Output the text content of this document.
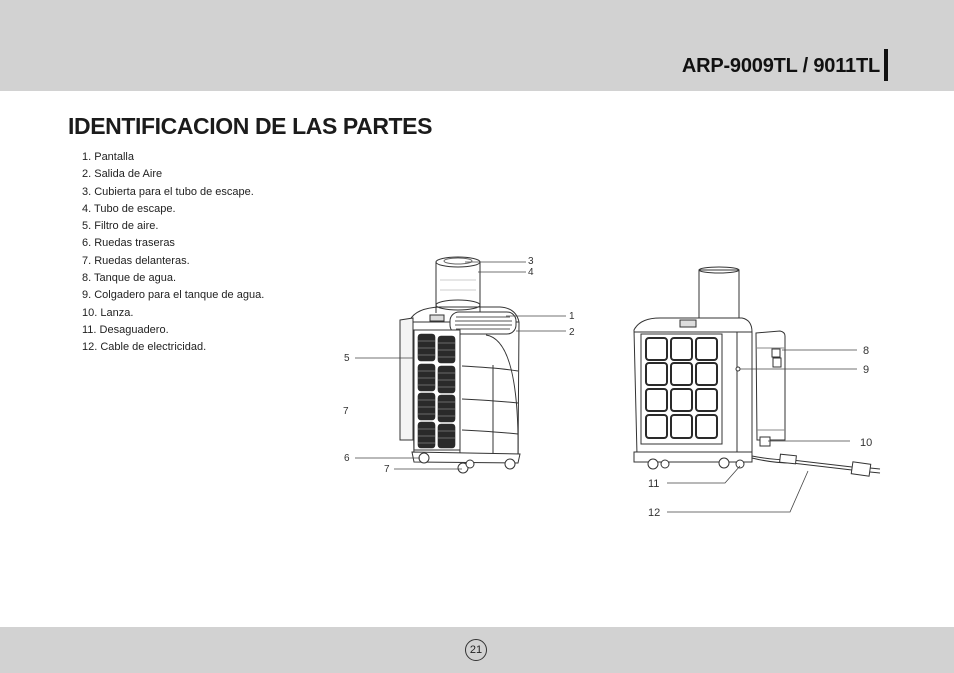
ARP-9009TL / 9011TL
IDENTIFICACION DE LAS PARTES
1. Pantalla
2. Salida de Aire
3. Cubierta para el tubo de escape.
4. Tubo de escape.
5. Filtro de aire.
6. Ruedas traseras
7. Ruedas delanteras.
8. Tanque de agua.
9. Colgadero para el tanque de agua.
10. Lanza.
11. Desaguadero.
12. Cable de electricidad.
3
4
1
2
5
7
6
7
8
9
10
11
12
21
